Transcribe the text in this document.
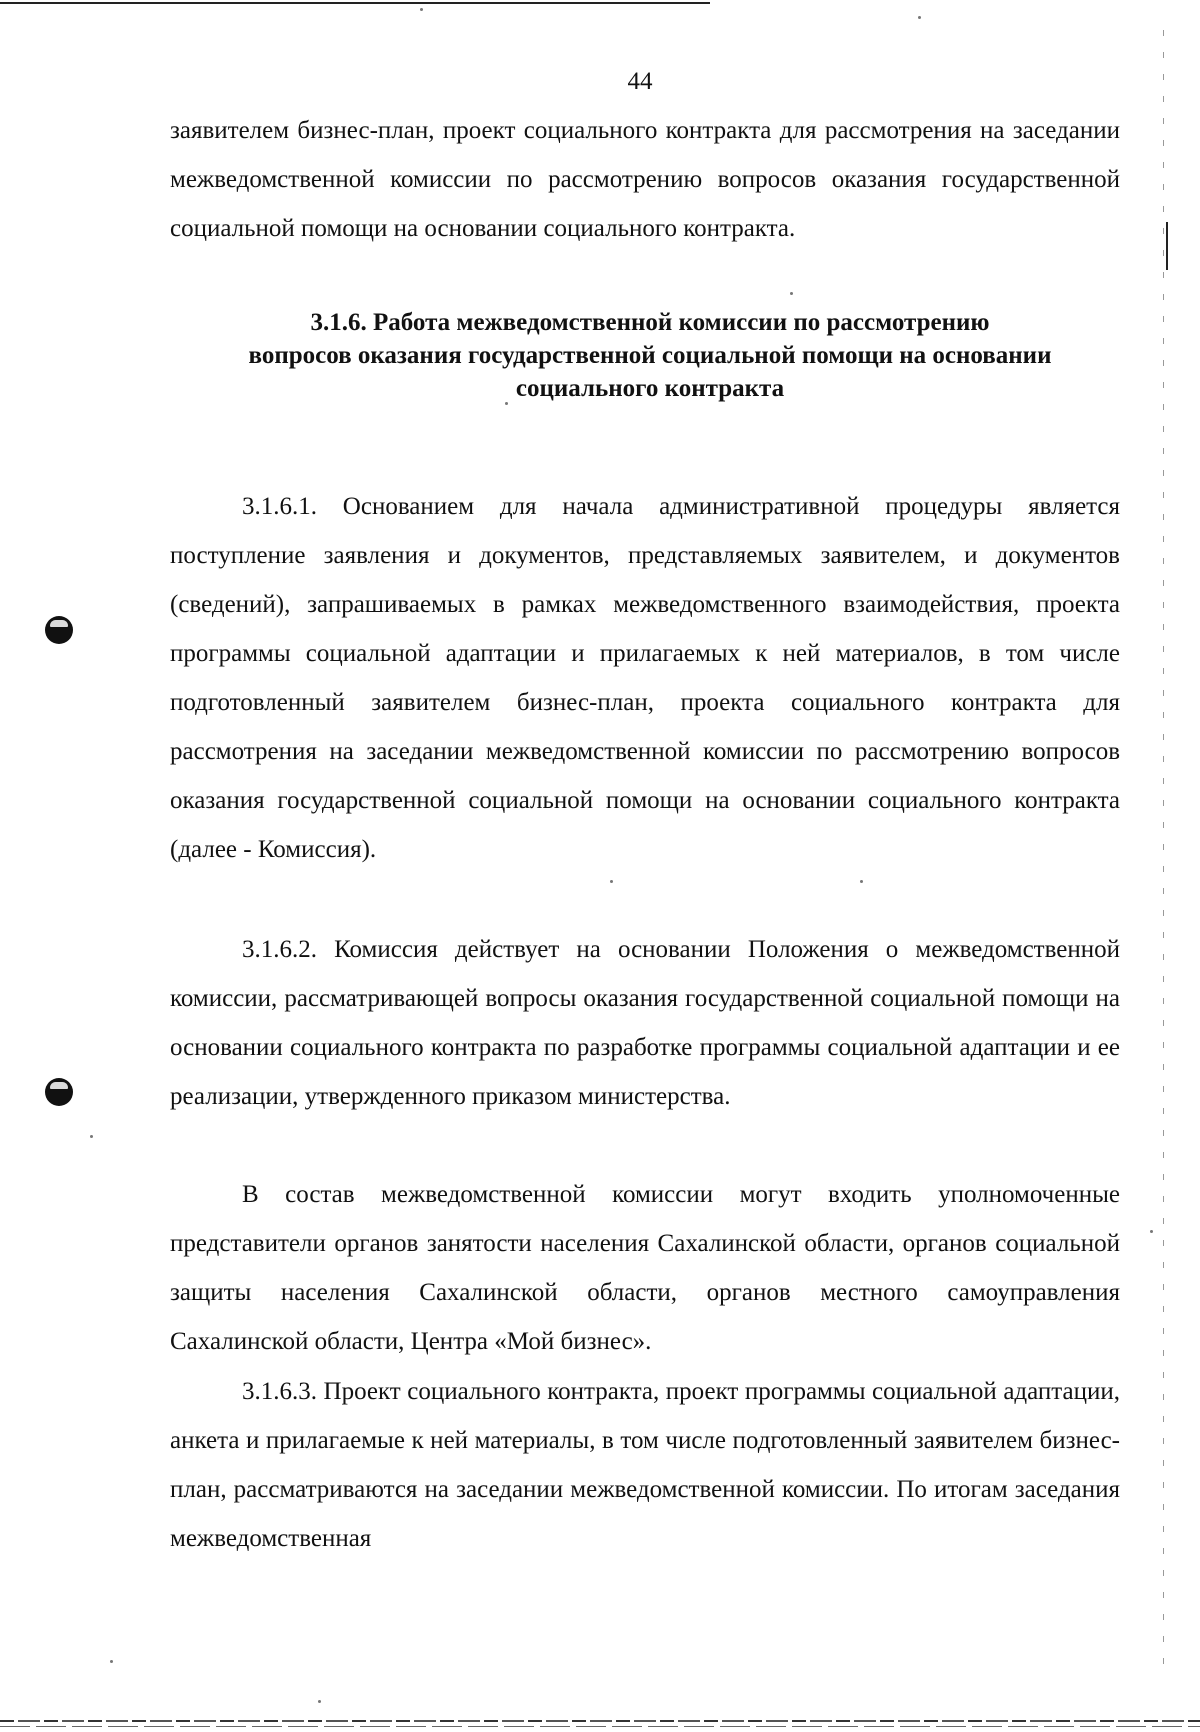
44

заявителем бизнес-план, проект социального контракта для рассмотрения на заседании межведомственной комиссии по рассмотрению вопросов оказания государственной социальной помощи на основании социального контракта.

3.1.6. Работа межведомственной комиссии по рассмотрению
вопросов оказания государственной социальной помощи на основании
социального контракта

3.1.6.1. Основанием для начала административной процедуры является поступление заявления и документов, представляемых заявителем, и документов (сведений), запрашиваемых в рамках межведомственного взаимодействия, проекта программы социальной адаптации и прилагаемых к ней материалов, в том числе подготовленный заявителем бизнес-план, проекта социального контракта для рассмотрения на заседании межведомственной комиссии по рассмотрению вопросов оказания государственной социальной помощи на основании социального контракта (далее - Комиссия).

3.1.6.2. Комиссия действует на основании Положения о межведомственной комиссии, рассматривающей вопросы оказания государственной социальной помощи на основании социального контракта по разработке программы социальной адаптации и ее реализации, утвержденного приказом министерства.

В состав межведомственной комиссии могут входить уполномоченные представители органов занятости населения Сахалинской области, органов социальной защиты населения Сахалинской области, органов местного самоуправления Сахалинской области, Центра «Мой бизнес».

3.1.6.3. Проект социального контракта, проект программы социальной адаптации, анкета и прилагаемые к ней материалы, в том числе подготовленный заявителем бизнес-план, рассматриваются на заседании межведомственной комиссии. По итогам заседания межведомственная
